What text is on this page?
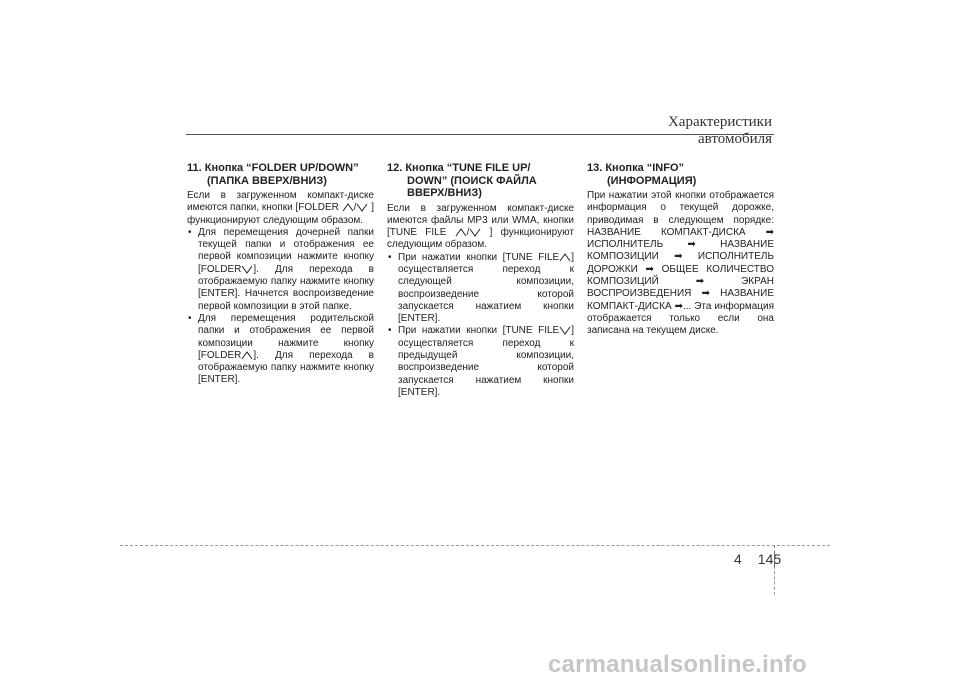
Характеристики автомобиля
11. Кнопка “FOLDER UP/DOWN”
(ПАПКА ВВЕРХ/ВНИЗ)

Если в загруженном компакт-диске имеются папки, кнопки [FOLDER / ] функционируют следующим образом.

• Для перемещения дочерней папки текущей папки и отображения ее первой композиции нажмите кнопку [FOLDER ]. Для перехода в отображаемую папку нажмите кнопку [ENTER]. Начнется воспроизведение первой композиции в этой папке.
• Для перемещения родительской папки и отображения ее первой композиции нажмите кнопку [FOLDER ]. Для перехода в отображаемую папку нажмите кнопку [ENTER].
12. Кнопка “TUNE FILE UP/
DOWN” (ПОИСК ФАЙЛА
ВВЕРХ/ВНИЗ)

Если в загруженном компакт-диске имеются файлы MP3 или WMA, кнопки [TUNE FILE / ] функционируют следующим образом.

• При нажатии кнопки [TUNE FILE ] осуществляется переход к следующей композиции, воспроизведение которой запускается нажатием кнопки [ENTER].
• При нажатии кнопки [TUNE FILE ] осуществляется переход к предыдущей композиции, воспроизведение которой запускается нажатием кнопки [ENTER].
13. Кнопка “INFO”
(ИНФОРМАЦИЯ)

При нажатии этой кнопки отображается информация о текущей дорожке, приводимая в следующем порядке: НАЗВАНИЕ КОМПАКТ-ДИСКА ➡ ИСПОЛНИТЕЛЬ ➡ НАЗВАНИЕ КОМПОЗИЦИИ ➡ ИСПОЛНИТЕЛЬ ДОРОЖКИ ➡ ОБЩЕЕ КОЛИЧЕСТВО КОМПОЗИЦИЙ	➡	ЭКРАН ВОСПРОИЗВЕДЕНИЯ ➡ НАЗВАНИЕ КОМПАКТ-ДИСКА ➡... Эта информация отображается только если она записана на текущем диске.

4 145
carmanualsonline.info
